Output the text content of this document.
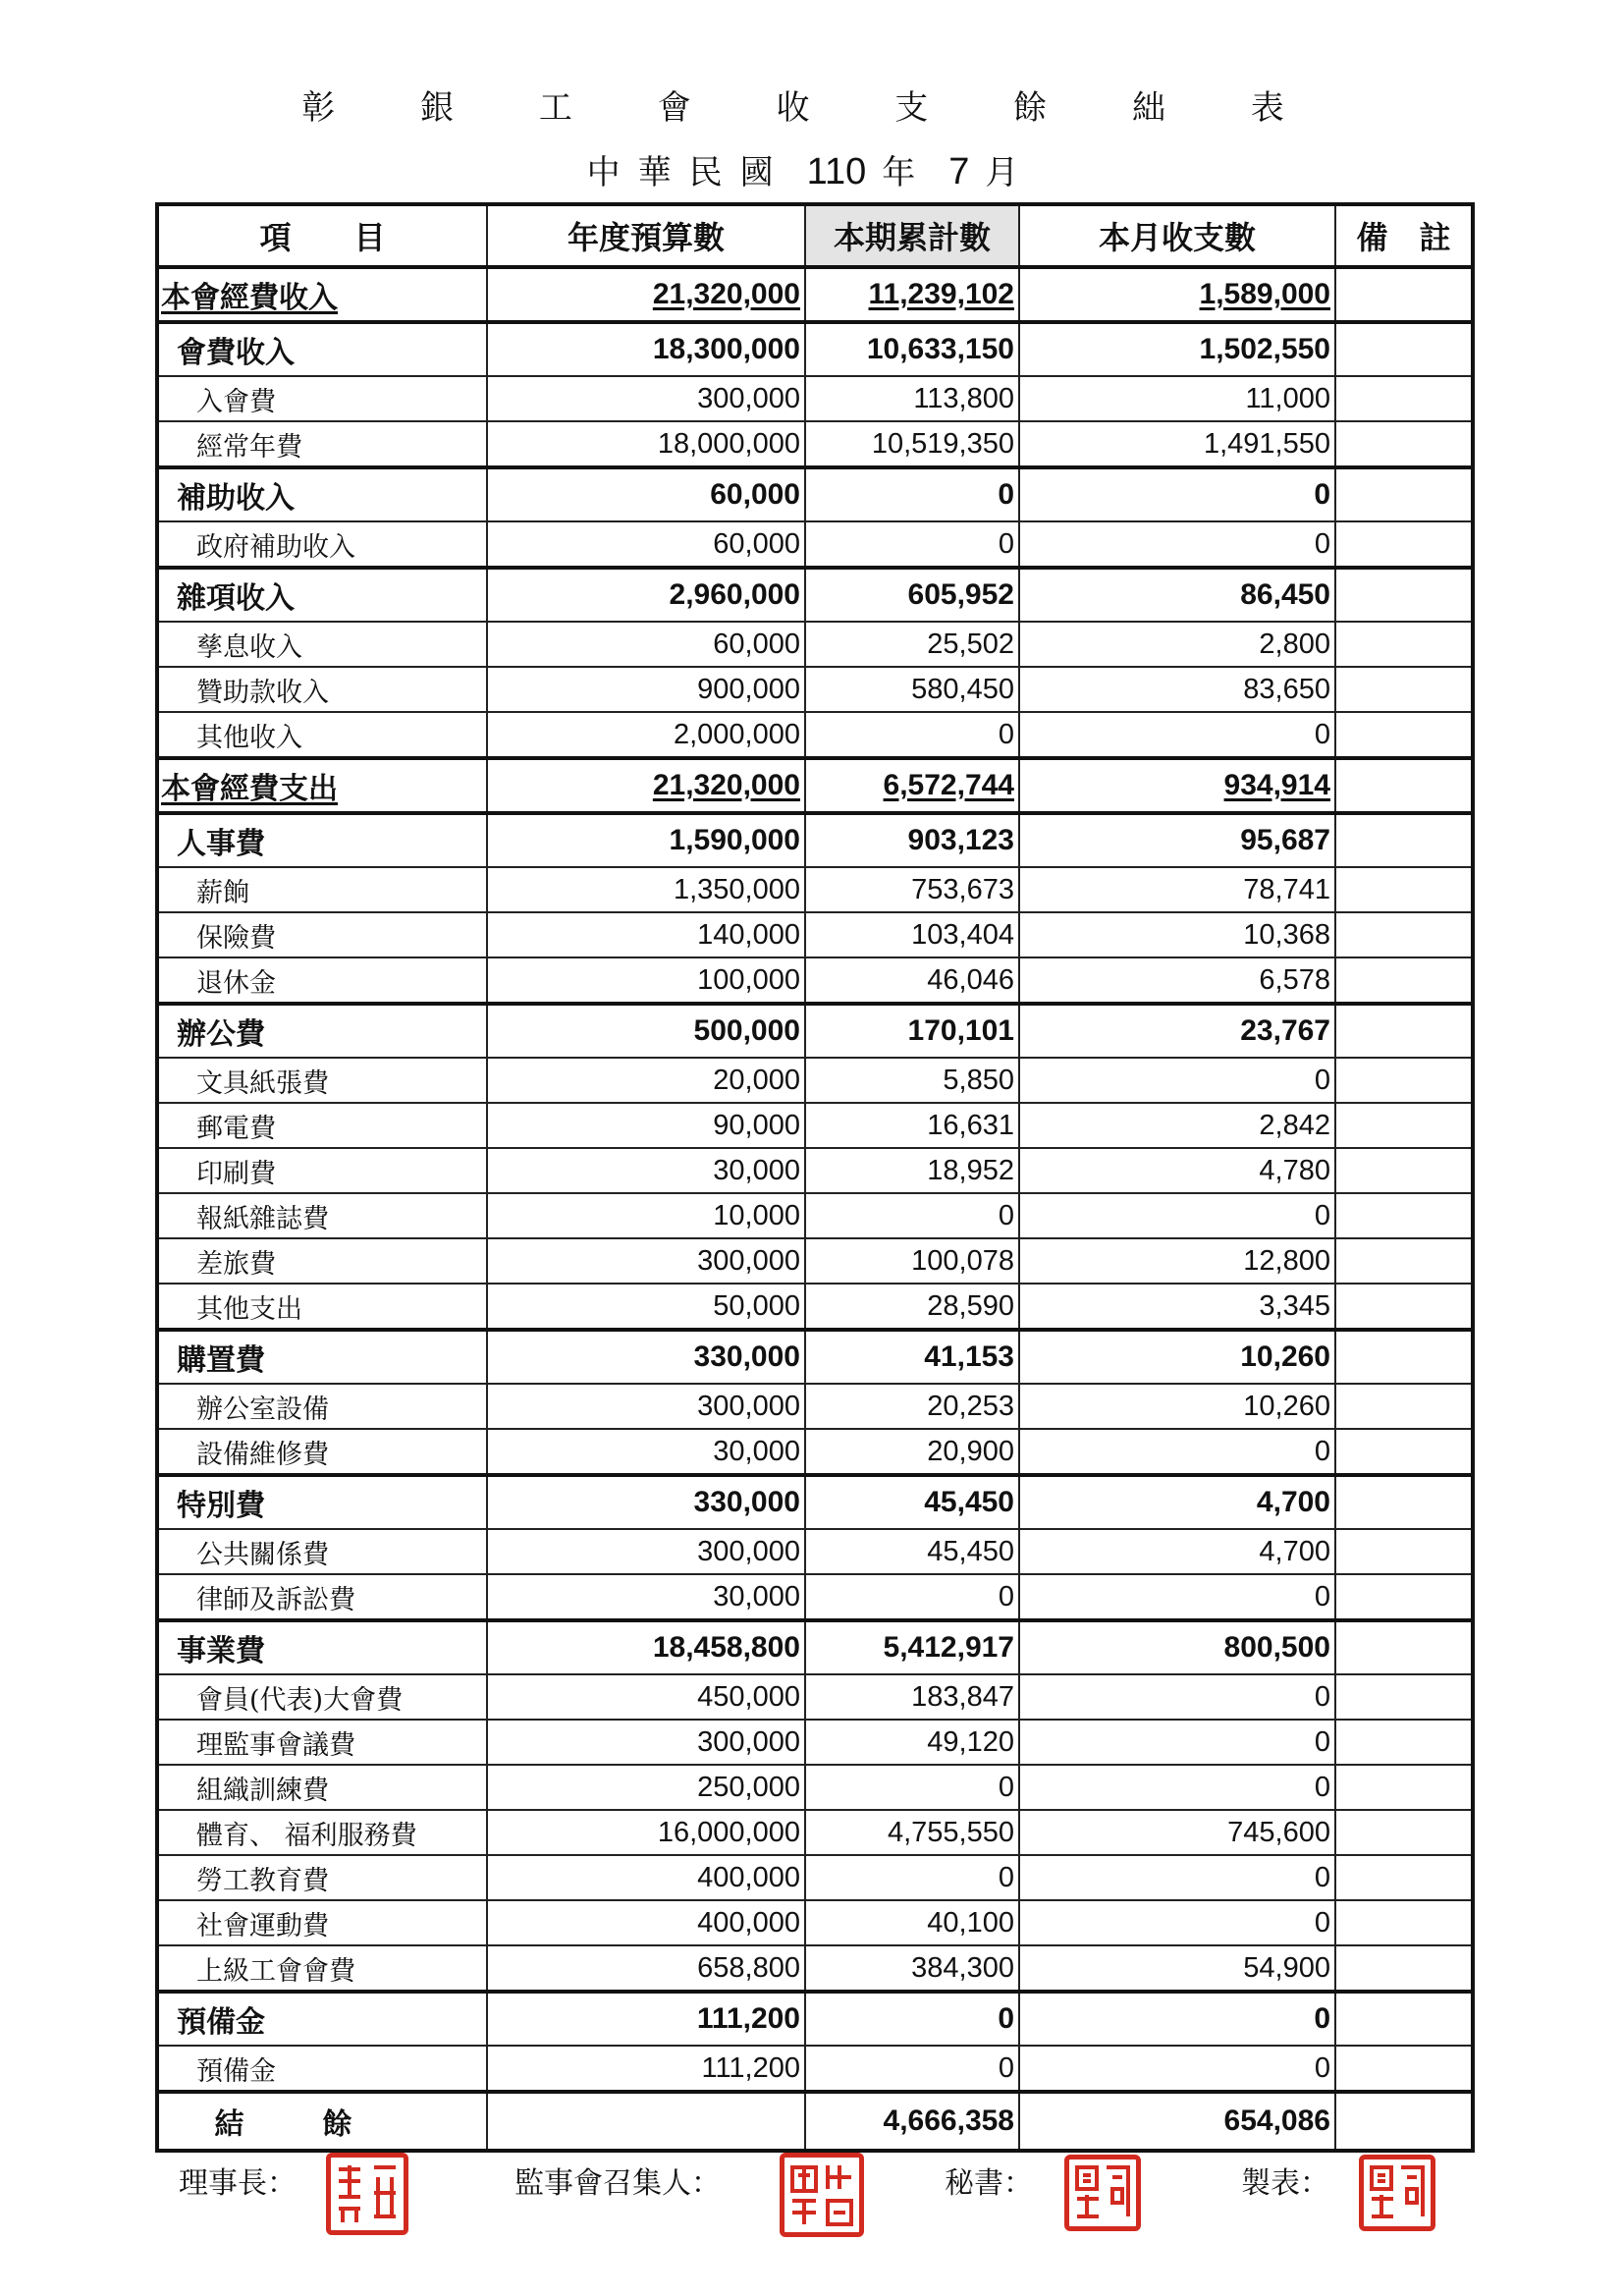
彰 銀 工 會 收 支 餘 絀 表
中華民國 110 年 7 月
項　　目	年度預算數	本期累計數	本月收支數	備　註
本會經費收入	21,320,000	11,239,102	1,589,000	
會費收入	18,300,000	10,633,150	1,502,550	
入會費	300,000	113,800	11,000	
經常年費	18,000,000	10,519,350	1,491,550	
補助收入	60,000	0	0	
政府補助收入	60,000	0	0	
雜項收入	2,960,000	605,952	86,450	
孳息收入	60,000	25,502	2,800	
贊助款收入	900,000	580,450	83,650	
其他收入	2,000,000	0	0	
本會經費支出	21,320,000	6,572,744	934,914	
人事費	1,590,000	903,123	95,687	
薪餉	1,350,000	753,673	78,741	
保險費	140,000	103,404	10,368	
退休金	100,000	46,046	6,578	
辦公費	500,000	170,101	23,767	
文具紙張費	20,000	5,850	0	
郵電費	90,000	16,631	2,842	
印刷費	30,000	18,952	4,780	
報紙雜誌費	10,000	0	0	
差旅費	300,000	100,078	12,800	
其他支出	50,000	28,590	3,345	
購置費	330,000	41,153	10,260	
辦公室設備	300,000	20,253	10,260	
設備維修費	30,000	20,900	0	
特別費	330,000	45,450	4,700	
公共關係費	300,000	45,450	4,700	
律師及訴訟費	30,000	0	0	
事業費	18,458,800	5,412,917	800,500	
會員(代表)大會費	450,000	183,847	0	
理監事會議費	300,000	49,120	0	
組織訓練費	250,000	0	0	
體育、 福利服務費	16,000,000	4,755,550	745,600	
勞工教育費	400,000	0	0	
社會運動費	400,000	40,100	0	
上級工會會費	658,800	384,300	54,900	
預備金	111,200	0	0	
預備金	111,200	0	0	
結餘		4,666,358	654,086	
理事長：	監事會召集人：	秘書：	製表：
